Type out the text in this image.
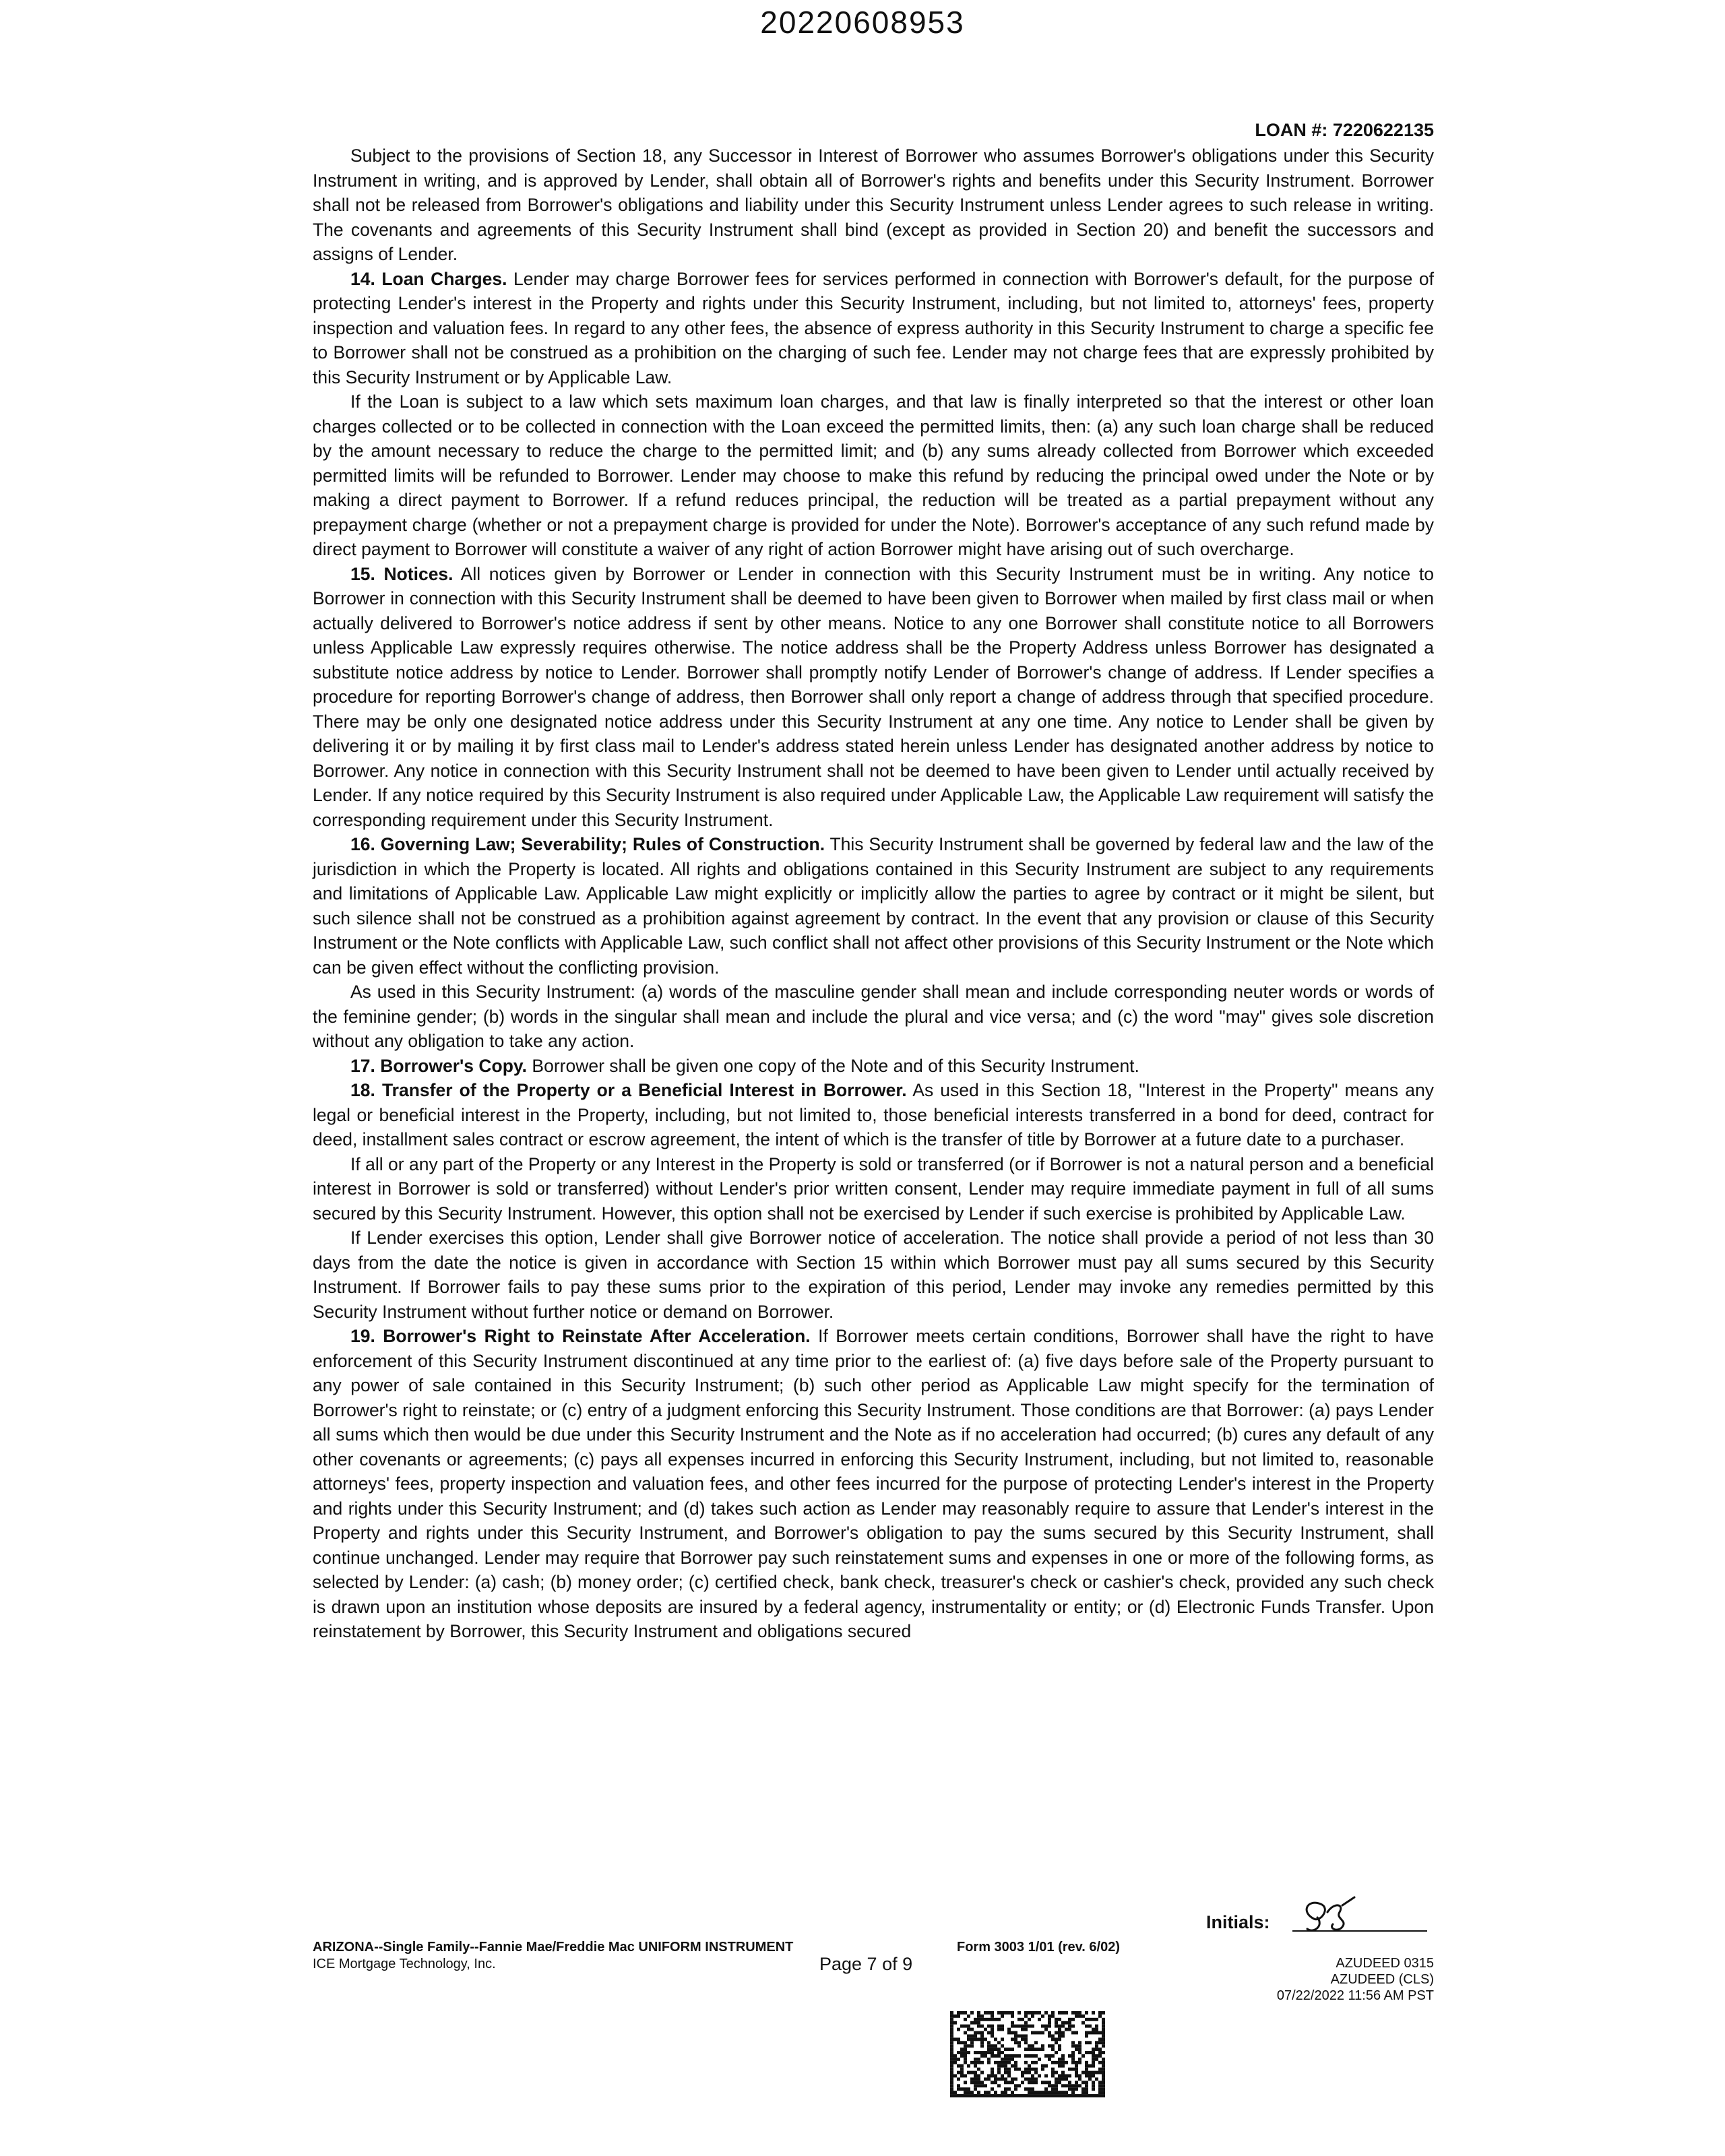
20220608953
LOAN #: 7220622135

Subject to the provisions of Section 18, any Successor in Interest of Borrower who assumes Borrower's obligations under this Security Instrument in writing, and is approved by Lender, shall obtain all of Borrower's rights and benefits under this Security Instrument. Borrower shall not be released from Borrower's obligations and liability under this Security Instrument unless Lender agrees to such release in writing. The covenants and agreements of this Security Instrument shall bind (except as provided in Section 20) and benefit the successors and assigns of Lender.

14. Loan Charges. Lender may charge Borrower fees for services performed in connection with Borrower's default, for the purpose of protecting Lender's interest in the Property and rights under this Security Instrument, including, but not limited to, attorneys' fees, property inspection and valuation fees. In regard to any other fees, the absence of express authority in this Security Instrument to charge a specific fee to Borrower shall not be construed as a prohibition on the charging of such fee. Lender may not charge fees that are expressly prohibited by this Security Instrument or by Applicable Law.

If the Loan is subject to a law which sets maximum loan charges, and that law is finally interpreted so that the interest or other loan charges collected or to be collected in connection with the Loan exceed the permitted limits, then: (a) any such loan charge shall be reduced by the amount necessary to reduce the charge to the permitted limit; and (b) any sums already collected from Borrower which exceeded permitted limits will be refunded to Borrower. Lender may choose to make this refund by reducing the principal owed under the Note or by making a direct payment to Borrower. If a refund reduces principal, the reduction will be treated as a partial prepayment without any prepayment charge (whether or not a prepayment charge is provided for under the Note). Borrower's acceptance of any such refund made by direct payment to Borrower will constitute a waiver of any right of action Borrower might have arising out of such overcharge.

15. Notices. All notices given by Borrower or Lender in connection with this Security Instrument must be in writing. Any notice to Borrower in connection with this Security Instrument shall be deemed to have been given to Borrower when mailed by first class mail or when actually delivered to Borrower's notice address if sent by other means. Notice to any one Borrower shall constitute notice to all Borrowers unless Applicable Law expressly requires otherwise. The notice address shall be the Property Address unless Borrower has designated a substitute notice address by notice to Lender. Borrower shall promptly notify Lender of Borrower's change of address. If Lender specifies a procedure for reporting Borrower's change of address, then Borrower shall only report a change of address through that specified procedure. There may be only one designated notice address under this Security Instrument at any one time. Any notice to Lender shall be given by delivering it or by mailing it by first class mail to Lender's address stated herein unless Lender has designated another address by notice to Borrower. Any notice in connection with this Security Instrument shall not be deemed to have been given to Lender until actually received by Lender. If any notice required by this Security Instrument is also required under Applicable Law, the Applicable Law requirement will satisfy the corresponding requirement under this Security Instrument.

16. Governing Law; Severability; Rules of Construction. This Security Instrument shall be governed by federal law and the law of the jurisdiction in which the Property is located. All rights and obligations contained in this Security Instrument are subject to any requirements and limitations of Applicable Law. Applicable Law might explicitly or implicitly allow the parties to agree by contract or it might be silent, but such silence shall not be construed as a prohibition against agreement by contract. In the event that any provision or clause of this Security Instrument or the Note conflicts with Applicable Law, such conflict shall not affect other provisions of this Security Instrument or the Note which can be given effect without the conflicting provision.

As used in this Security Instrument: (a) words of the masculine gender shall mean and include corresponding neuter words or words of the feminine gender; (b) words in the singular shall mean and include the plural and vice versa; and (c) the word "may" gives sole discretion without any obligation to take any action.

17. Borrower's Copy. Borrower shall be given one copy of the Note and of this Security Instrument.

18. Transfer of the Property or a Beneficial Interest in Borrower. As used in this Section 18, "Interest in the Property" means any legal or beneficial interest in the Property, including, but not limited to, those beneficial interests transferred in a bond for deed, contract for deed, installment sales contract or escrow agreement, the intent of which is the transfer of title by Borrower at a future date to a purchaser.

If all or any part of the Property or any Interest in the Property is sold or transferred (or if Borrower is not a natural person and a beneficial interest in Borrower is sold or transferred) without Lender's prior written consent, Lender may require immediate payment in full of all sums secured by this Security Instrument. However, this option shall not be exercised by Lender if such exercise is prohibited by Applicable Law.

If Lender exercises this option, Lender shall give Borrower notice of acceleration. The notice shall provide a period of not less than 30 days from the date the notice is given in accordance with Section 15 within which Borrower must pay all sums secured by this Security Instrument. If Borrower fails to pay these sums prior to the expiration of this period, Lender may invoke any remedies permitted by this Security Instrument without further notice or demand on Borrower.

19. Borrower's Right to Reinstate After Acceleration. If Borrower meets certain conditions, Borrower shall have the right to have enforcement of this Security Instrument discontinued at any time prior to the earliest of: (a) five days before sale of the Property pursuant to any power of sale contained in this Security Instrument; (b) such other period as Applicable Law might specify for the termination of Borrower's right to reinstate; or (c) entry of a judgment enforcing this Security Instrument. Those conditions are that Borrower: (a) pays Lender all sums which then would be due under this Security Instrument and the Note as if no acceleration had occurred; (b) cures any default of any other covenants or agreements; (c) pays all expenses incurred in enforcing this Security Instrument, including, but not limited to, reasonable attorneys' fees, property inspection and valuation fees, and other fees incurred for the purpose of protecting Lender's interest in the Property and rights under this Security Instrument; and (d) takes such action as Lender may reasonably require to assure that Lender's interest in the Property and rights under this Security Instrument, and Borrower's obligation to pay the sums secured by this Security Instrument, shall continue unchanged. Lender may require that Borrower pay such reinstatement sums and expenses in one or more of the following forms, as selected by Lender: (a) cash; (b) money order; (c) certified check, bank check, treasurer's check or cashier's check, provided any such check is drawn upon an institution whose deposits are insured by a federal agency, instrumentality or entity; or (d) Electronic Funds Transfer. Upon reinstatement by Borrower, this Security Instrument and obligations secured

Initials:
ARIZONA--Single Family--Fannie Mae/Freddie Mac UNIFORM INSTRUMENT
ICE Mortgage Technology, Inc.
Form 3003 1/01 (rev. 6/02)
Page 7 of 9	AZUDEED 0315
AZUDEED (CLS)
07/22/2022 11:56 AM PST
